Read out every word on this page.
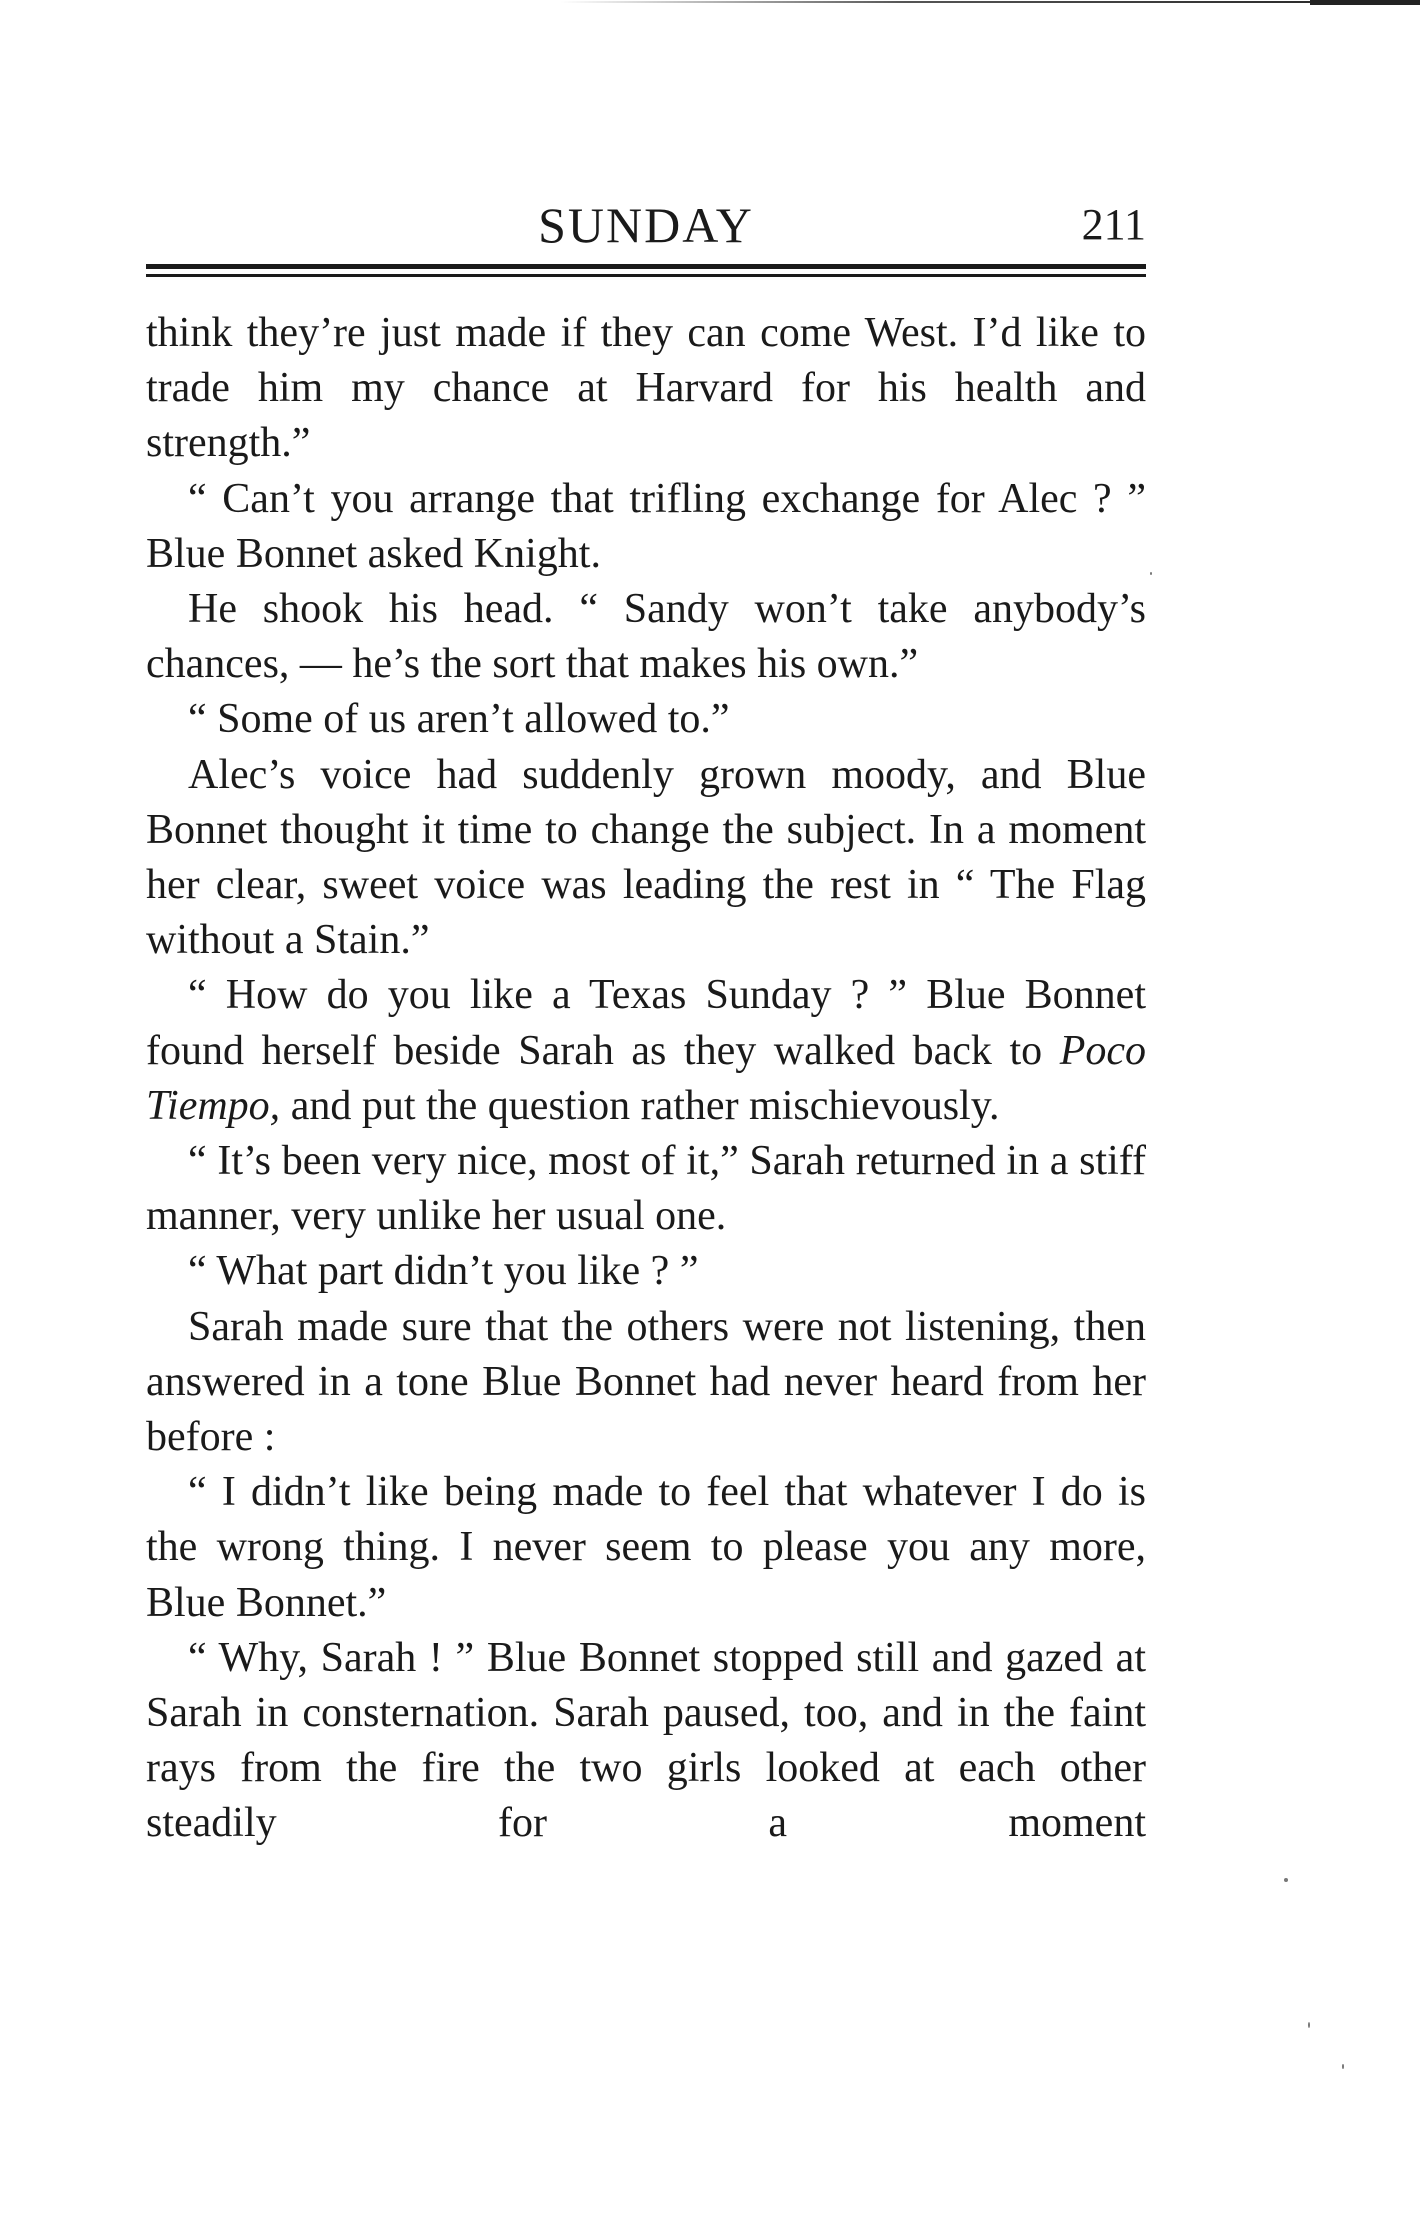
SUNDAY	211

think they’re just made if they can come West. I’d like to trade him my chance at Harvard for his health and strength.”

“ Can’t you arrange that trifling exchange for Alec ? ” Blue Bonnet asked Knight.

He shook his head. “ Sandy won’t take anybody’s chances, — he’s the sort that makes his own.”

“ Some of us aren’t allowed to.”

Alec’s voice had suddenly grown moody, and Blue Bonnet thought it time to change the subject. In a moment her clear, sweet voice was leading the rest in “ The Flag without a Stain.”

“ How do you like a Texas Sunday ? ” Blue Bonnet found herself beside Sarah as they walked back to Poco Tiempo, and put the question rather mischievously.

“ It’s been very nice, most of it,” Sarah returned in a stiff manner, very unlike her usual one.

“ What part didn’t you like ? ”

Sarah made sure that the others were not listening, then answered in a tone Blue Bonnet had never heard from her before :

“ I didn’t like being made to feel that whatever I do is the wrong thing. I never seem to please you any more, Blue Bonnet.”

“ Why, Sarah ! ” Blue Bonnet stopped still and gazed at Sarah in consternation. Sarah paused, too, and in the faint rays from the fire the two girls looked at each other steadily for a moment
